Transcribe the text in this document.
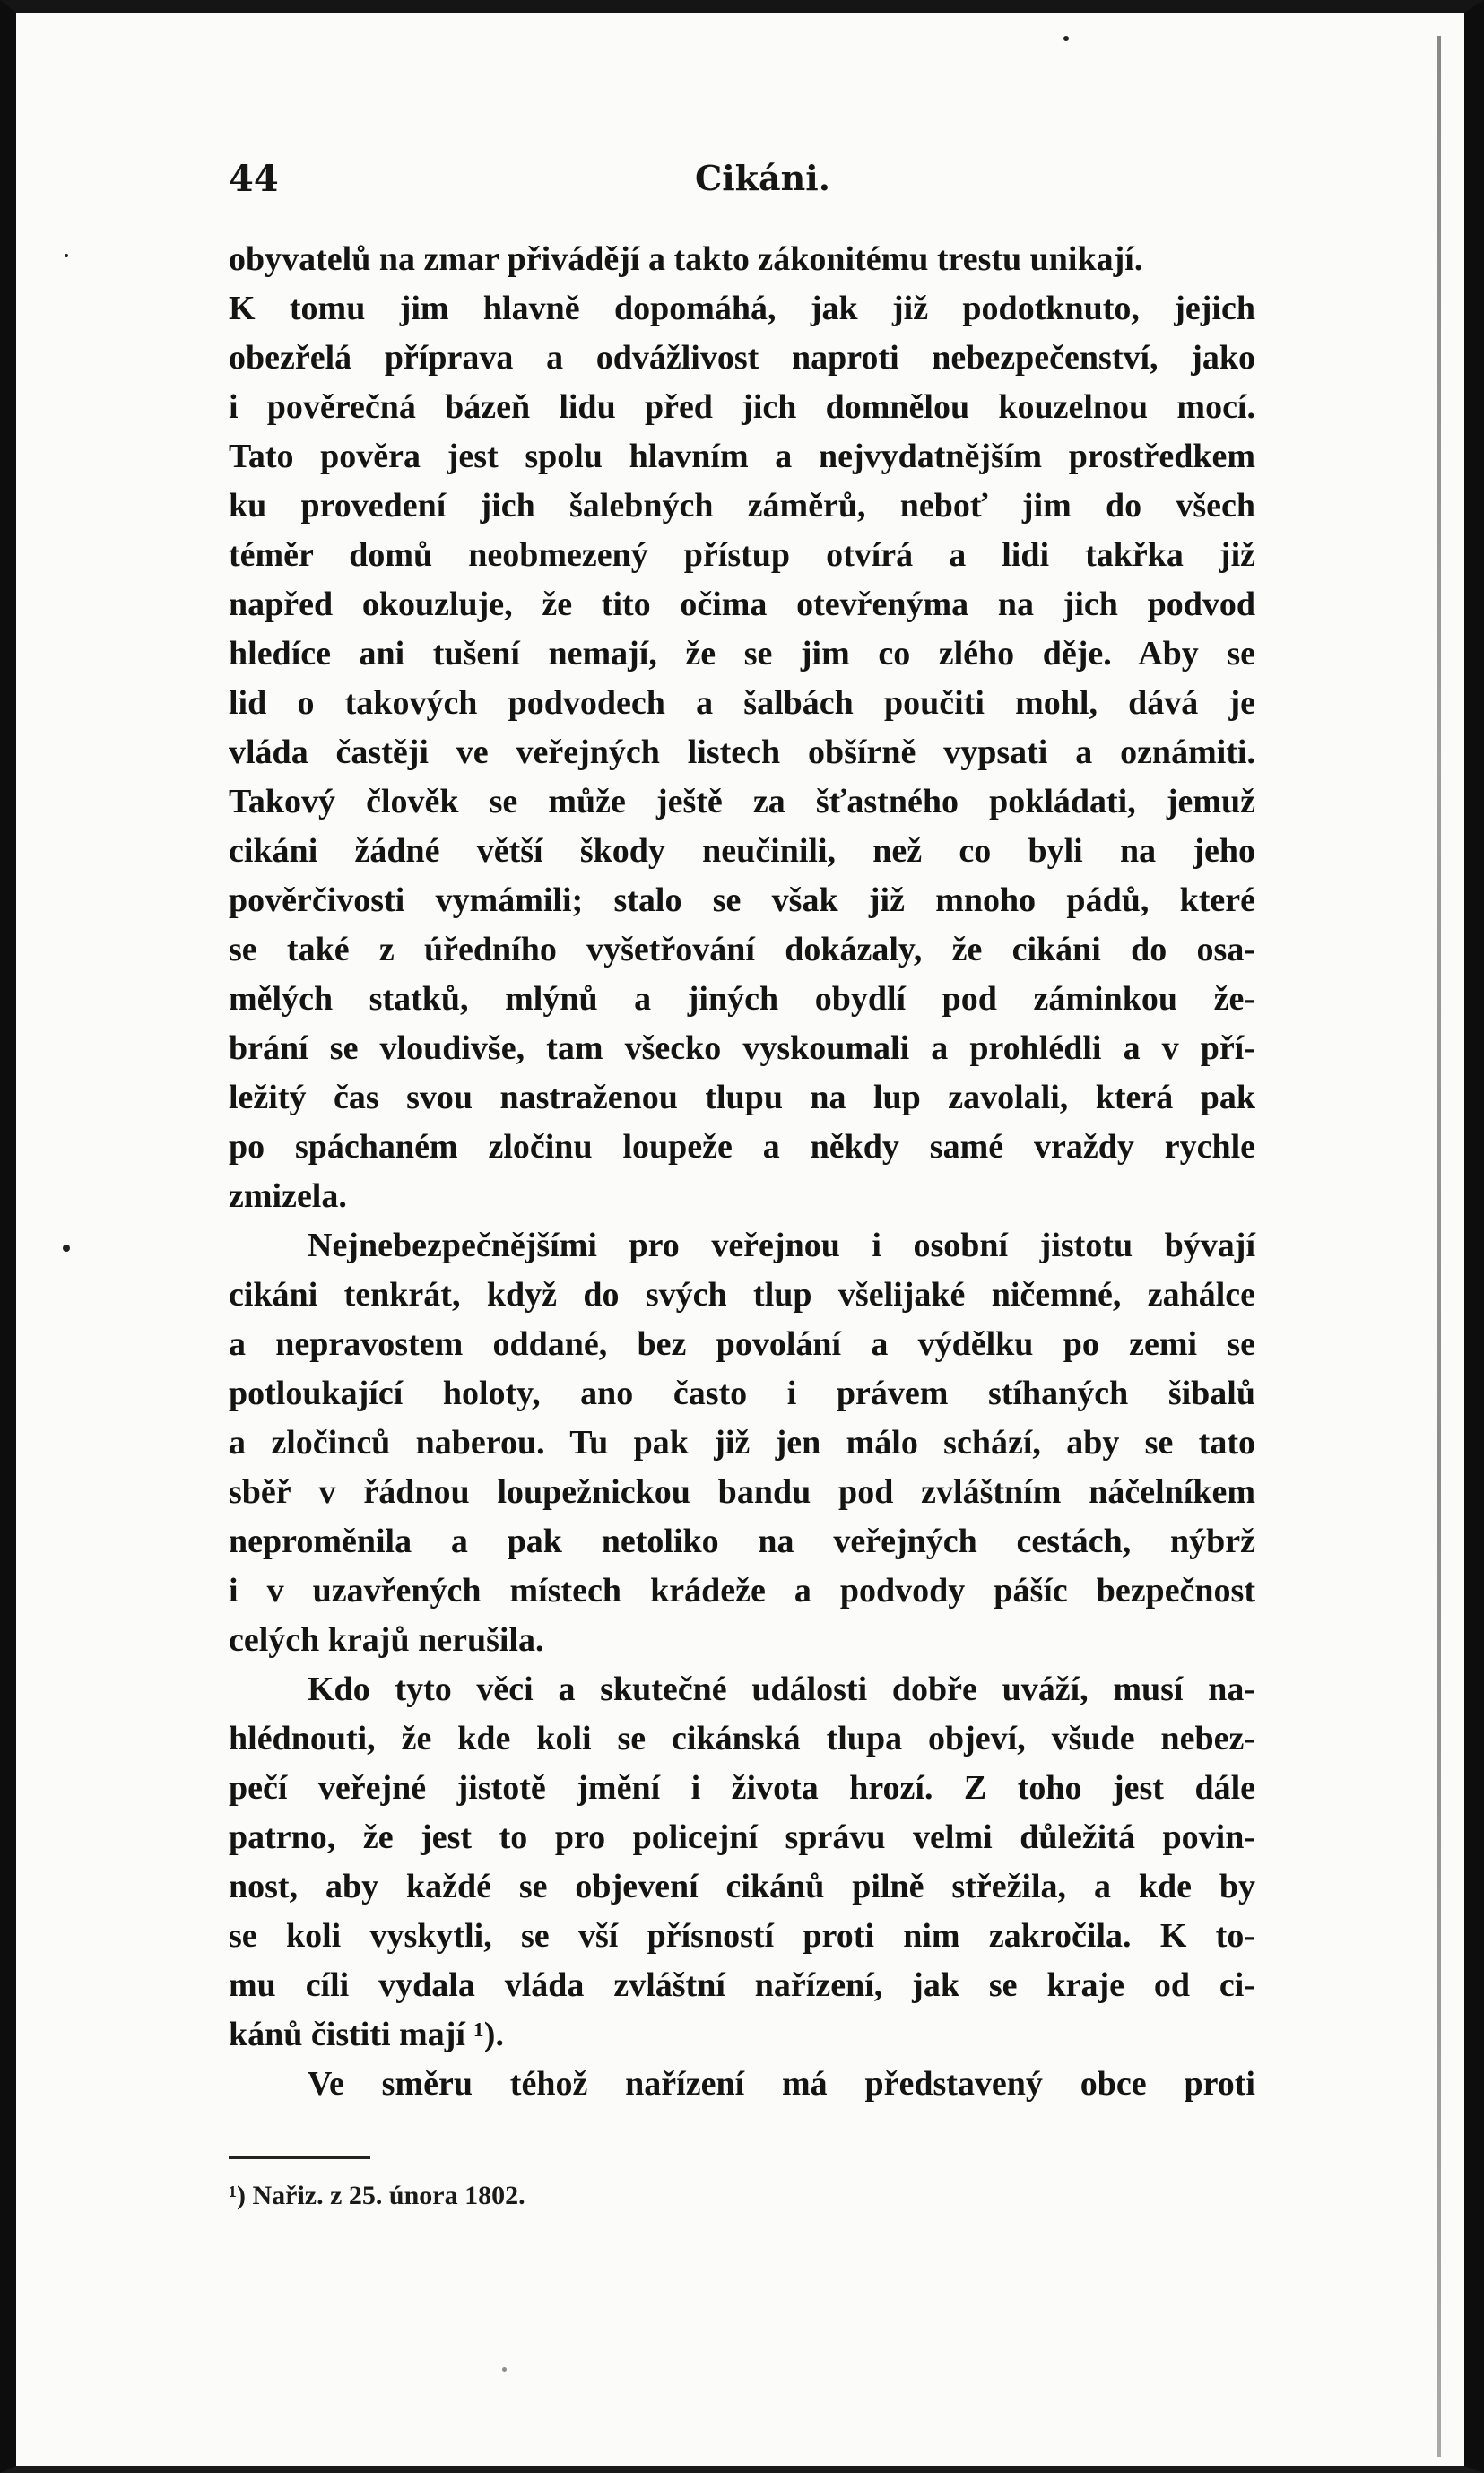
44	Cikáni.
obyvatelů na zmar přivádějí a takto zákonitému trestu unikají.
K tomu jim hlavně dopomáhá, jak již podotknuto, jejich
obezřelá příprava a odvážlivost naproti nebezpečenství, jako
i pověrečná bázeň lidu před jich domnělou kouzelnou mocí.
Tato pověra jest spolu hlavním a nejvydatnějším prostředkem
ku provedení jich šalebných záměrů, neboť jim do všech
téměr domů neobmezený přístup otvírá a lidi takřka již
napřed okouzluje, že tito očima otevřenýma na jich podvod
hledíce ani tušení nemají, že se jim co zlého děje. Aby se
lid o takových podvodech a šalbách poučiti mohl, dává je
vláda častěji ve veřejných listech obšírně vypsati a oznámiti.
Takový člověk se může ještě za šťastného pokládati, jemuž
cikáni žádné větší škody neučinili, než co byli na jeho
pověrčivosti vymámili; stalo se však již mnoho pádů, které
se také z úředního vyšetřování dokázaly, že cikáni do osa-
mělých statků, mlýnů a jiných obydlí pod záminkou že-
brání se vloudivše, tam všecko vyskoumali a prohlédli a v pří-
ležitý čas svou nastraženou tlupu na lup zavolali, která pak
po spáchaném zločinu loupeže a někdy samé vraždy rychle
zmizela.
Nejnebezpečnějšími pro veřejnou i osobní jistotu bývají
cikáni tenkrát, když do svých tlup všelijaké ničemné, zahálce
a nepravostem oddané, bez povolání a výdělku po zemi se
potloukající holoty, ano často i právem stíhaných šibalů
a zločinců naberou. Tu pak již jen málo schází, aby se tato
sběř v řádnou loupežnickou bandu pod zvláštním náčelníkem
neproměnila a pak netoliko na veřejných cestách, nýbrž
i v uzavřených místech krádeže a podvody pášíc bezpečnost
celých krajů nerušila.
Kdo tyto věci a skutečné události dobře uváží, musí na-
hlédnouti, že kde koli se cikánská tlupa objeví, všude nebez-
pečí veřejné jistotě jmění i života hrozí. Z toho jest dále
patrno, že jest to pro policejní správu velmi důležitá povin-
nost, aby každé se objevení cikánů pilně střežila, a kde by
se koli vyskytli, se vší přísností proti nim zakročila. K to-
mu cíli vydala vláda zvláštní nařízení, jak se kraje od ci-
kánů čistiti mají ¹).
Ve směru téhož nařízení má představený obce proti
¹) Nařiz. z 25. února 1802.
